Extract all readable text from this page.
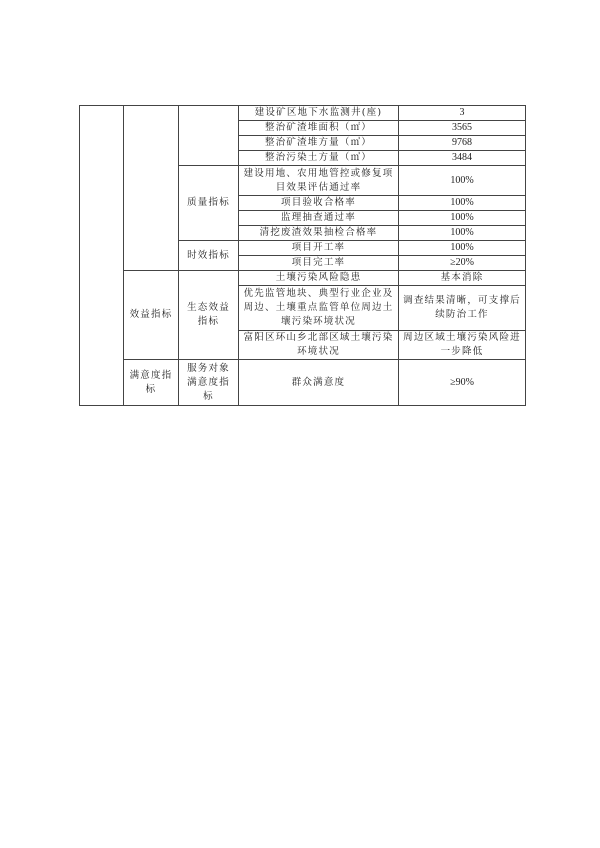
			建设矿区地下水监测井(座)	3
			整治矿渣堆面积（㎡）	3565
			整治矿渣堆方量（㎥）	9768
			整治污染土方量（㎥）	3484
		质量指标	建设用地、农用地管控或修复项目效果评估通过率	100%
			项目验收合格率	100%
			监理抽查通过率	100%
			清挖废渣效果抽检合格率	100%
		时效指标	项目开工率	100%
			项目完工率	≥20%
	效益指标	生态效益指标	土壤污染风险隐患	基本消除
			优先监管地块、典型行业企业及周边、土壤重点监管单位周边土壤污染环境状况	调查结果清晰，可支撑后续防治工作
			富阳区环山乡北部区域土壤污染环境状况	周边区域土壤污染风险进一步降低
	满意度指标	服务对象满意度指标	群众满意度	≥90%
